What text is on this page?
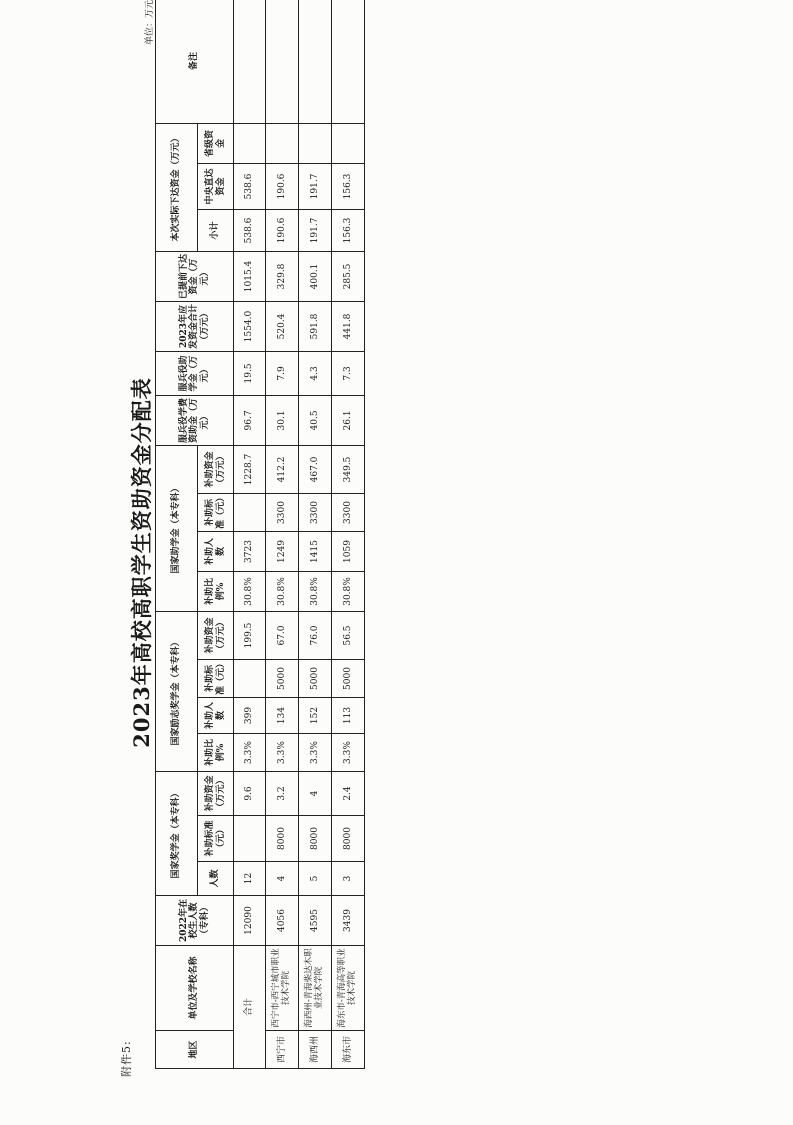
附件5:
2023年高校高职学生资助资金分配表
单位：万元
地区	单位及学校名称	2022年在校生人数（专科）	国家奖学金（本专科）			国家励志奖学金（本专科）				国家助学金（本专科）				服兵役学费资助金（万元）	服兵役助学金（万元）	2023年应发资金合计（万元）	已提前下达资金（万元）	本次实际下达资金（万元）			备注
			人数	补助标准（元）	补助资金（万元）	补助比例%	补助人数	补助标准（元）	补助资金（万元）	补助比例%	补助人数	补助标准（元）	补助资金（万元）					小计	中央直达资金	省级资金	

合计		12090	12		9.6	3.3%	399		199.5	30.8%	3723		1228.7	96.7	19.5	1554.0	1015.4	538.6	538.6		
西宁市	西宁市-西宁城市职业技术学院	4056	4	8000	3.2	3.3%	134	5000	67.0	30.8%	1249	3300	412.2	30.1	7.9	520.4	329.8	190.6	190.6		
海西州	海西州-青海柴达木职业技术学院	4595	5	8000	4	3.3%	152	5000	76.0	30.8%	1415	3300	467.0	40.5	4.3	591.8	400.1	191.7	191.7		
海东市	海东市-青海高等职业技术学院	3439	3	8000	2.4	3.3%	113	5000	56.5	30.8%	1059	3300	349.5	26.1	7.3	441.8	285.5	156.3	156.3		
